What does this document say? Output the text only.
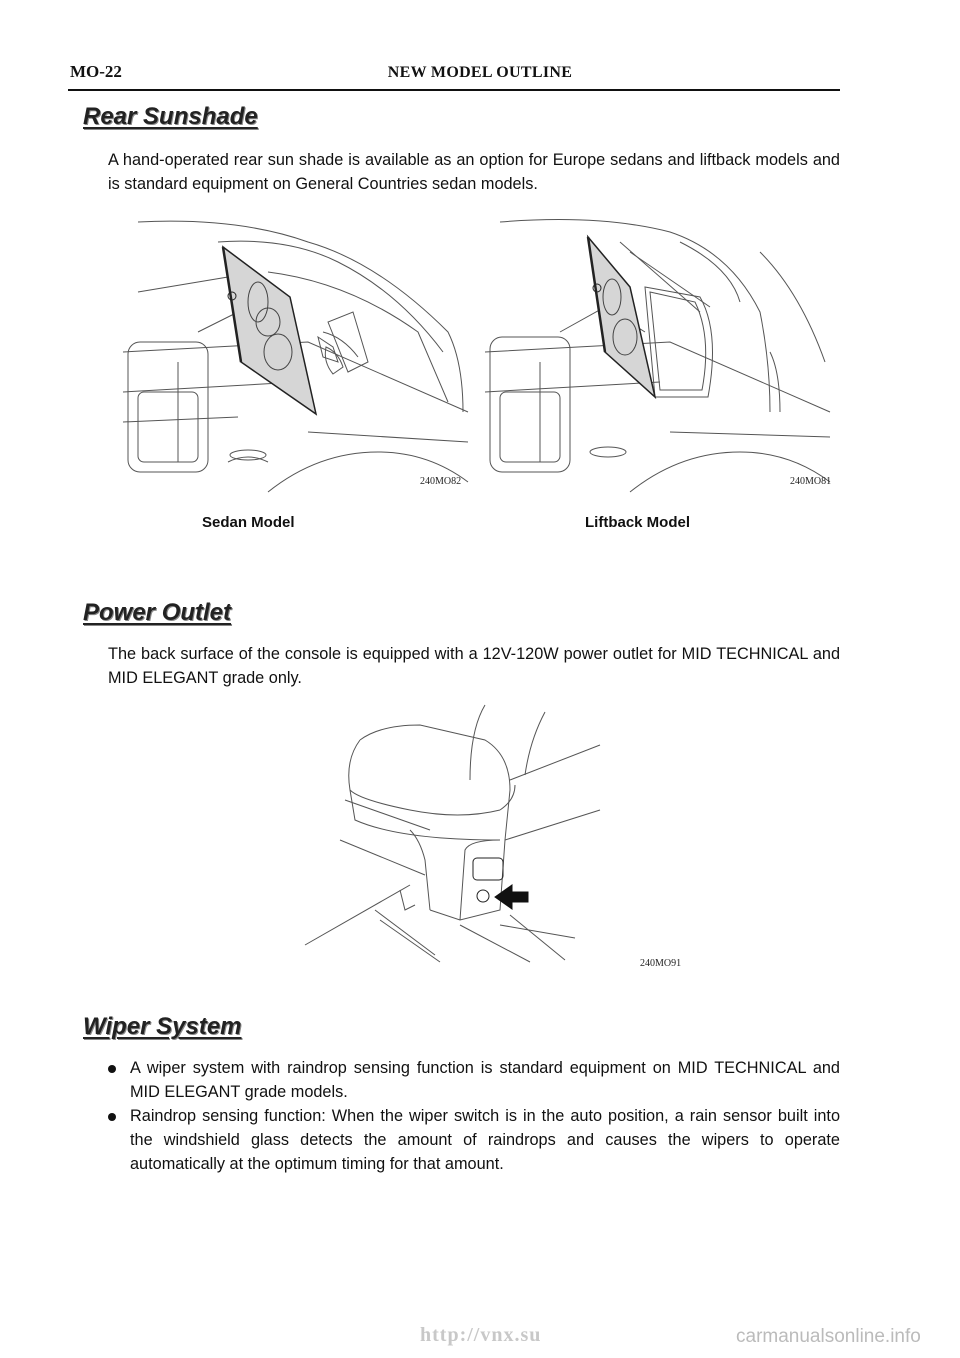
MO-22	NEW MODEL OUTLINE
Rear Sunshade
A hand-operated rear sun shade is available as an option for Europe sedans and liftback models and is standard equipment on General Countries sedan models.
240MO82	240MO81
Sedan Model	Liftback Model
Power Outlet
The back surface of the console is equipped with a 12V-120W power outlet for MID TECHNICAL and MID ELEGANT grade only.
240MO91
Wiper System
A wiper system with raindrop sensing function is standard equipment on MID TECHNICAL and MID ELEGANT grade models.
Raindrop sensing function: When the wiper switch is in the auto position, a rain sensor built into the windshield glass detects the amount of raindrops and causes the wipers to operate automatically at the optimum timing for that amount.
http://vnx.su	carmanualsonline.info
